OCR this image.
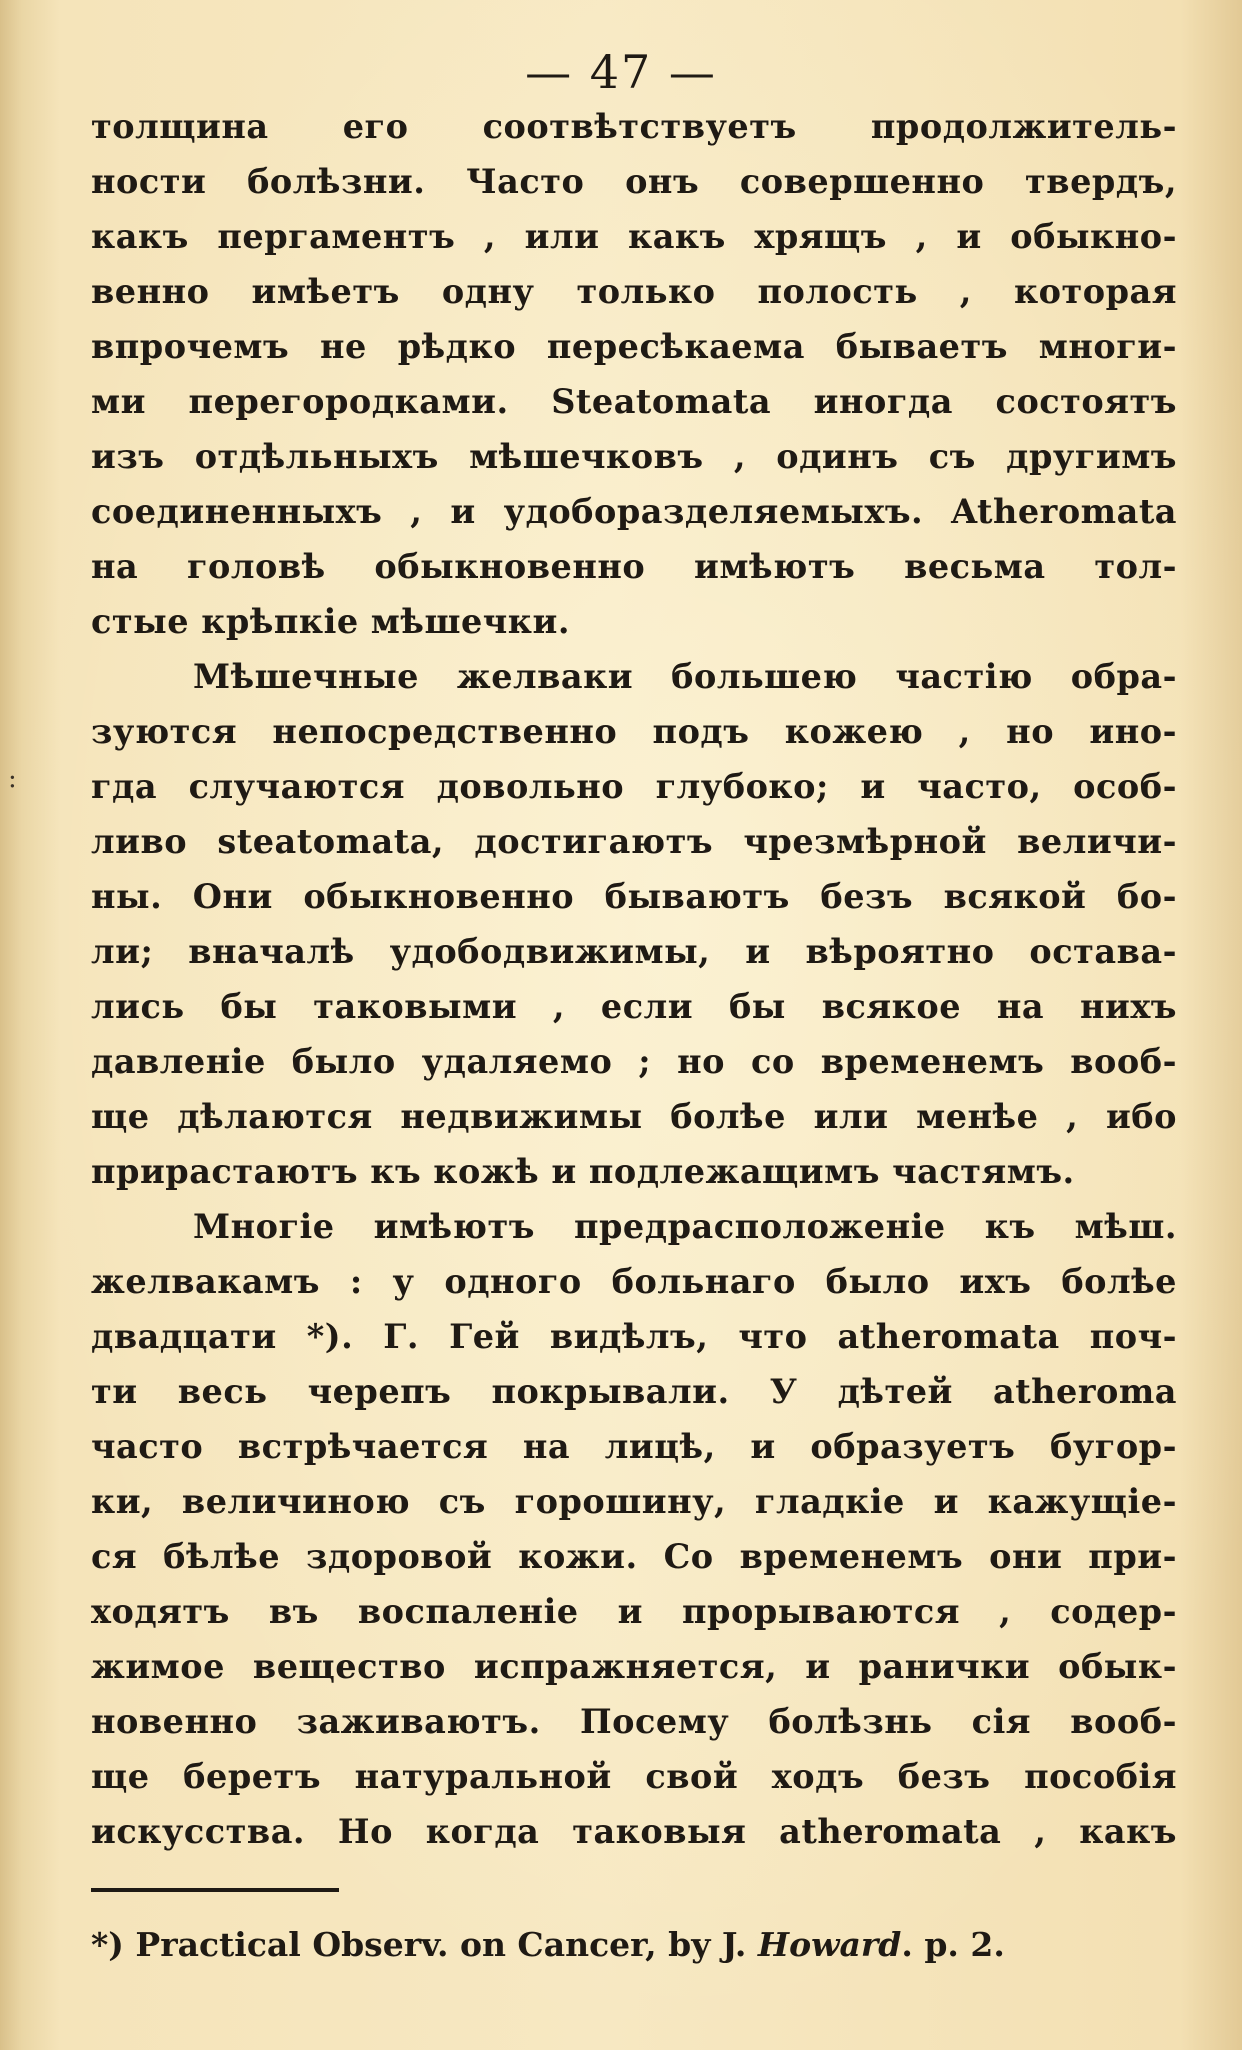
:
— 47 —
толщина его соотвѣтствуетъ продолжитель-
ности болѣзни. Часто онъ совершенно твердъ,
какъ пергаментъ , или какъ хрящъ , и обыкно-
венно имѣетъ одну только полость , которая
впрочемъ не рѣдко пересѣкаема бываетъ многи-
ми перегородками. Steatomata иногда состоятъ
изъ отдѣльныхъ мѣшечковъ , одинъ съ другимъ
соединенныхъ , и удоборазделяемыхъ. Atheromata
на головѣ обыкновенно имѣютъ весьма тол-
стые крѣпкіе мѣшечки.
Мѣшечные желваки большею частію обра-
зуются непосредственно подъ кожею , но ино-
гда случаются довольно глубоко; и часто, особ-
ливо steatomata, достигаютъ чрезмѣрной величи-
ны. Они обыкновенно бываютъ безъ всякой бо-
ли; вначалѣ удободвижимы, и вѣроятно остава-
лись бы таковыми , если бы всякое на нихъ
давленіе было удаляемо ; но со временемъ вооб-
ще дѣлаются недвижимы болѣе или менѣе , ибо
прирастаютъ къ кожѣ и подлежащимъ частямъ.
Многіе имѣютъ предрасположеніе къ мѣш.
желвакамъ : у одного больнаго было ихъ болѣе
двадцати *). Г. Гей видѣлъ, что atheromata поч-
ти весь черепъ покрывали. У дѣтей atheroma
часто встрѣчается на лицѣ, и образуетъ бугор-
ки, величиною съ горошину, гладкіе и кажущіе-
ся бѣлѣе здоровой кожи. Со временемъ они при-
ходятъ въ воспаленіе и прорываются , содер-
жимое вещество испражняется, и ранички обык-
новенно заживаютъ. Посему болѣзнь сія вооб-
ще беретъ натуральной свой ходъ безъ пособія
искусства. Но когда таковыя atheromata , какъ
*) Practical Observ. on Cancer, by J. Howard. p. 2.
